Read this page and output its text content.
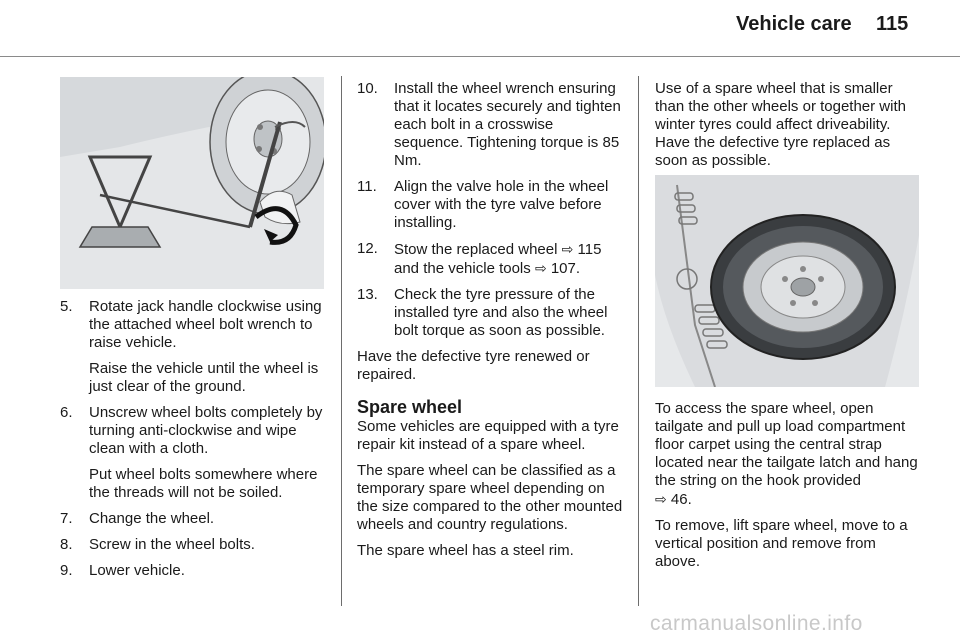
Vehicle care 115
5. Rotate jack handle clockwise using the attached wheel bolt wrench to raise vehicle.

Raise the vehicle until the wheel is just clear of the ground.

6. Unscrew wheel bolts completely by turning anti-clockwise and wipe clean with a cloth.

Put wheel bolts somewhere where the threads will not be soiled.

7. Change the wheel.

8. Screw in the wheel bolts.

9. Lower vehicle.

10. Install the wheel wrench ensuring that it locates securely and tighten each bolt in a crosswise sequence. Tightening torque is 85 Nm.

11. Align the valve hole in the wheel cover with the tyre valve before installing.

12. Stow the replaced wheel ⇨ 115
and the vehicle tools ⇨ 107.

13. Check the tyre pressure of the installed tyre and also the wheel bolt torque as soon as possible.

Have the defective tyre renewed or repaired.

Spare wheel

Some vehicles are equipped with a tyre repair kit instead of a spare wheel.

The spare wheel can be classified as a temporary spare wheel depending on the size compared to the other mounted wheels and country regulations.

The spare wheel has a steel rim.

Use of a spare wheel that is smaller than the other wheels or together with winter tyres could affect driveability. Have the defective tyre replaced as soon as possible.

To access the spare wheel, open tailgate and pull up load compartment floor carpet using the central strap located near the tailgate latch and hang the string on the hook provided
⇨ 46.

To remove, lift spare wheel, move to a vertical position and remove from above.

carmanualsonline.info
